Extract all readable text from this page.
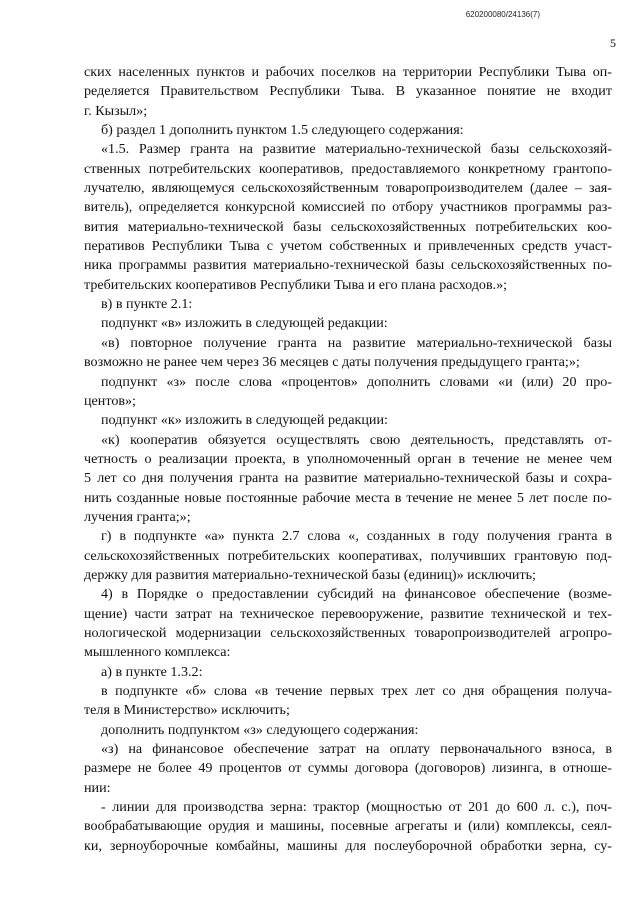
620200080/24136(7)
5
ских населенных пунктов и рабочих поселков на территории Республики Тыва оп-
ределяется Правительством Республики Тыва. В указанное понятие не входит
г. Кызыл»;
б) раздел 1 дополнить пунктом 1.5 следующего содержания:
«1.5. Размер гранта на развитие материально-технической базы сельскохозяй-
ственных потребительских кооперативов, предоставляемого конкретному грантопо-
лучателю, являющемуся сельскохозяйственным товаропроизводителем (далее – зая-
витель), определяется конкурсной комиссией по отбору участников программы раз-
вития материально-технической базы сельскохозяйственных потребительских коо-
перативов Республики Тыва с учетом собственных и привлеченных средств участ-
ника программы развития материально-технической базы сельскохозяйственных по-
требительских кооперативов Республики Тыва и его плана расходов.»;
в) в пункте 2.1:
подпункт «в» изложить в следующей редакции:
«в) повторное получение гранта на развитие материально-технической базы
возможно не ранее чем через 36 месяцев с даты получения предыдущего гранта;»;
подпункт «з» после слова «процентов» дополнить словами «и (или) 20 про-
центов»;
подпункт «к» изложить в следующей редакции:
«к) кооператив обязуется осуществлять свою деятельность, представлять от-
четность о реализации проекта, в уполномоченный орган в течение не менее чем
5 лет со дня получения гранта на развитие материально-технической базы и сохра-
нить созданные новые постоянные рабочие места в течение не менее 5 лет после по-
лучения гранта;»;
г) в подпункте «а» пункта 2.7 слова «, созданных в году получения гранта в
сельскохозяйственных потребительских кооперативах, получивших грантовую под-
держку для развития материально-технической базы (единиц)» исключить;
4) в Порядке о предоставлении субсидий на финансовое обеспечение (возме-
щение) части затрат на техническое перевооружение, развитие технической и тех-
нологической модернизации сельскохозяйственных товаропроизводителей агропро-
мышленного комплекса:
а) в пункте 1.3.2:
в подпункте «б» слова «в течение первых трех лет со дня обращения получа-
теля в Министерство» исключить;
дополнить подпунктом «з» следующего содержания:
«з) на финансовое обеспечение затрат на оплату первоначального взноса, в
размере не более 49 процентов от суммы договора (договоров) лизинга, в отноше-
нии:
- линии для производства зерна: трактор (мощностью от 201 до 600 л. с.), поч-
вообрабатывающие орудия и машины, посевные агрегаты и (или) комплексы, сеял-
ки, зерноуборочные комбайны, машины для послеуборочной обработки зерна, су-
